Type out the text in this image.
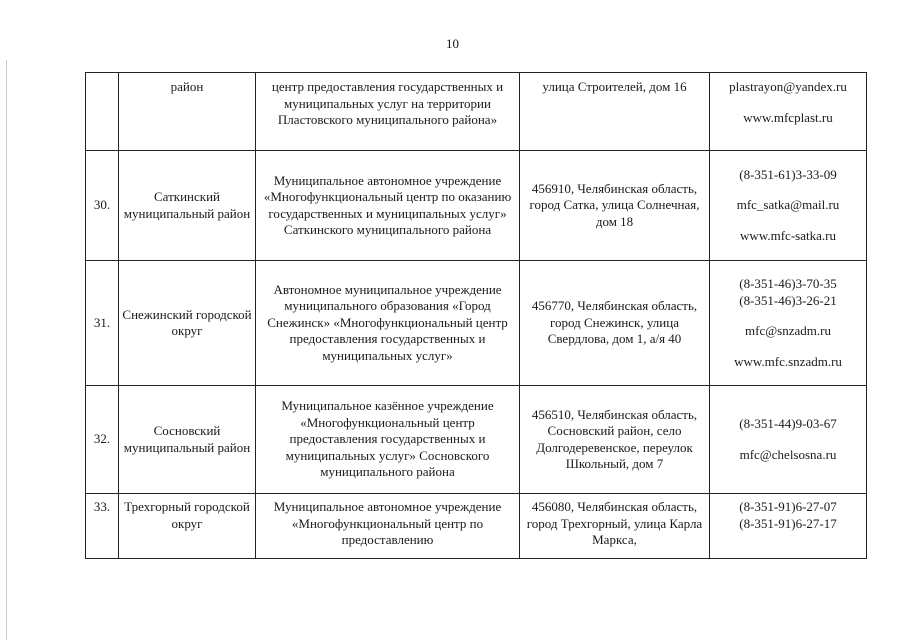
10
	район	центр предоставления государственных и муниципальных услуг на территории Пластовского муниципального района»	улица Строителей, дом 16	plastrayon@yandex.ru
www.mfcplast.ru

30.	Саткинский муниципальный район	Муниципальное автономное учреждение «Многофункциональный центр по оказанию государственных и муниципальных услуг» Саткинского муниципального района	456910, Челябинская область, город Сатка, улица Солнечная, дом 18	(8-351-61)3-33-09
mfc_satka@mail.ru
www.mfc-satka.ru

31.	Снежинский городской округ	Автономное муниципальное учреждение муниципального образования «Город Снежинск» «Многофункциональный центр предоставления государственных и муниципальных услуг»	456770, Челябинская область, город Снежинск, улица Свердлова, дом 1, а/я 40	(8-351-46)3-70-35
(8-351-46)3-26-21
mfc@snzadm.ru
www.mfc.snzadm.ru

32.	Сосновский муниципальный район	Муниципальное казённое учреждение «Многофункциональный центр предоставления государственных и муниципальных услуг» Сосновского муниципального района	456510, Челябинская область, Сосновский район, село Долгодеревенское, переулок Школьный, дом 7	(8-351-44)9-03-67
mfc@chelsosna.ru

33.	Трехгорный городской округ	Муниципальное автономное учреждение «Многофункциональный центр по предоставлению	456080, Челябинская область, город Трехгорный, улица Карла Маркса,	(8-351-91)6-27-07
(8-351-91)6-27-17
